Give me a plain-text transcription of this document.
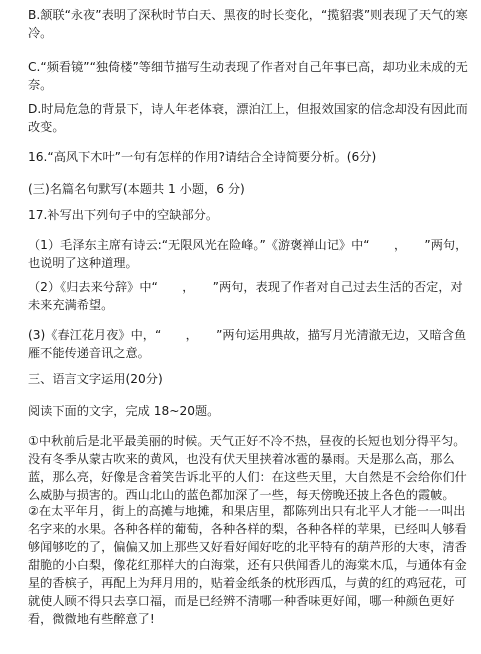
B.颔联“永夜”表明了深秋时节白天、黑夜的时长变化，“揽貂裘”则表现了天气的寒冷。

C.“频看镜”“独倚楼”等细节描写生动表现了作者对自己年事已高，却功业未成的无奈。

D.时局危急的背景下，诗人年老体衰，漂泊江上，但报效国家的信念却没有因此而改变。

16.“高风下木叶”一句有怎样的作用?请结合全诗简要分析。(6分)

(三)名篇名句默写(本题共 1 小题，6 分)

17.补写出下列句子中的空缺部分。

（1）毛泽东主席有诗云:“无限风光在险峰。”《游褒禅山记》中“　　，　　”两句，也说明了这种道理。

（2）《归去来兮辞》中“　　，　　”两句，表现了作者对自己过去生活的否定，对未来充满希望。

(3)《春江花月夜》中，“　　，　　”两句运用典故，描写月光清澈无边，又暗含鱼雁不能传递音讯之意。

三、语言文字运用(20分)

阅读下面的文字，完成 18~20题。

①中秋前后是北平最美丽的时候。天气正好不冷不热，昼夜的长短也划分得平匀。没有冬季从蒙古吹来的黄风，也没有伏天里挟着冰雹的暴雨。天是那么高，那么蓝，那么亮，好像是含着笑告诉北平的人们：在这些天里，大自然是不会给你们什么威胁与损害的。西山北山的蓝色都加深了一些，每天傍晚还披上各色的霞帔。

②在太平年月，街上的高摊与地摊，和果店里，都陈列出只有北平人才能一一叫出名字来的水果。各种各样的葡萄，各种各样的梨，各种各样的苹果，已经叫人够看够闻够吃的了，偏偏又加上那些又好看好闻好吃的北平特有的葫芦形的大枣，清香甜脆的小白梨，像花红那样大的白海棠，还有只供闻香儿的海棠木瓜，与通体有金星的香槟子，再配上为拜月用的，贴着金纸条的枕形西瓜，与黄的红的鸡冠花，可就使人顾不得只去享口福，而是已经辨不清哪一种香味更好闻，哪一种颜色更好看，微微地有些醉意了!
